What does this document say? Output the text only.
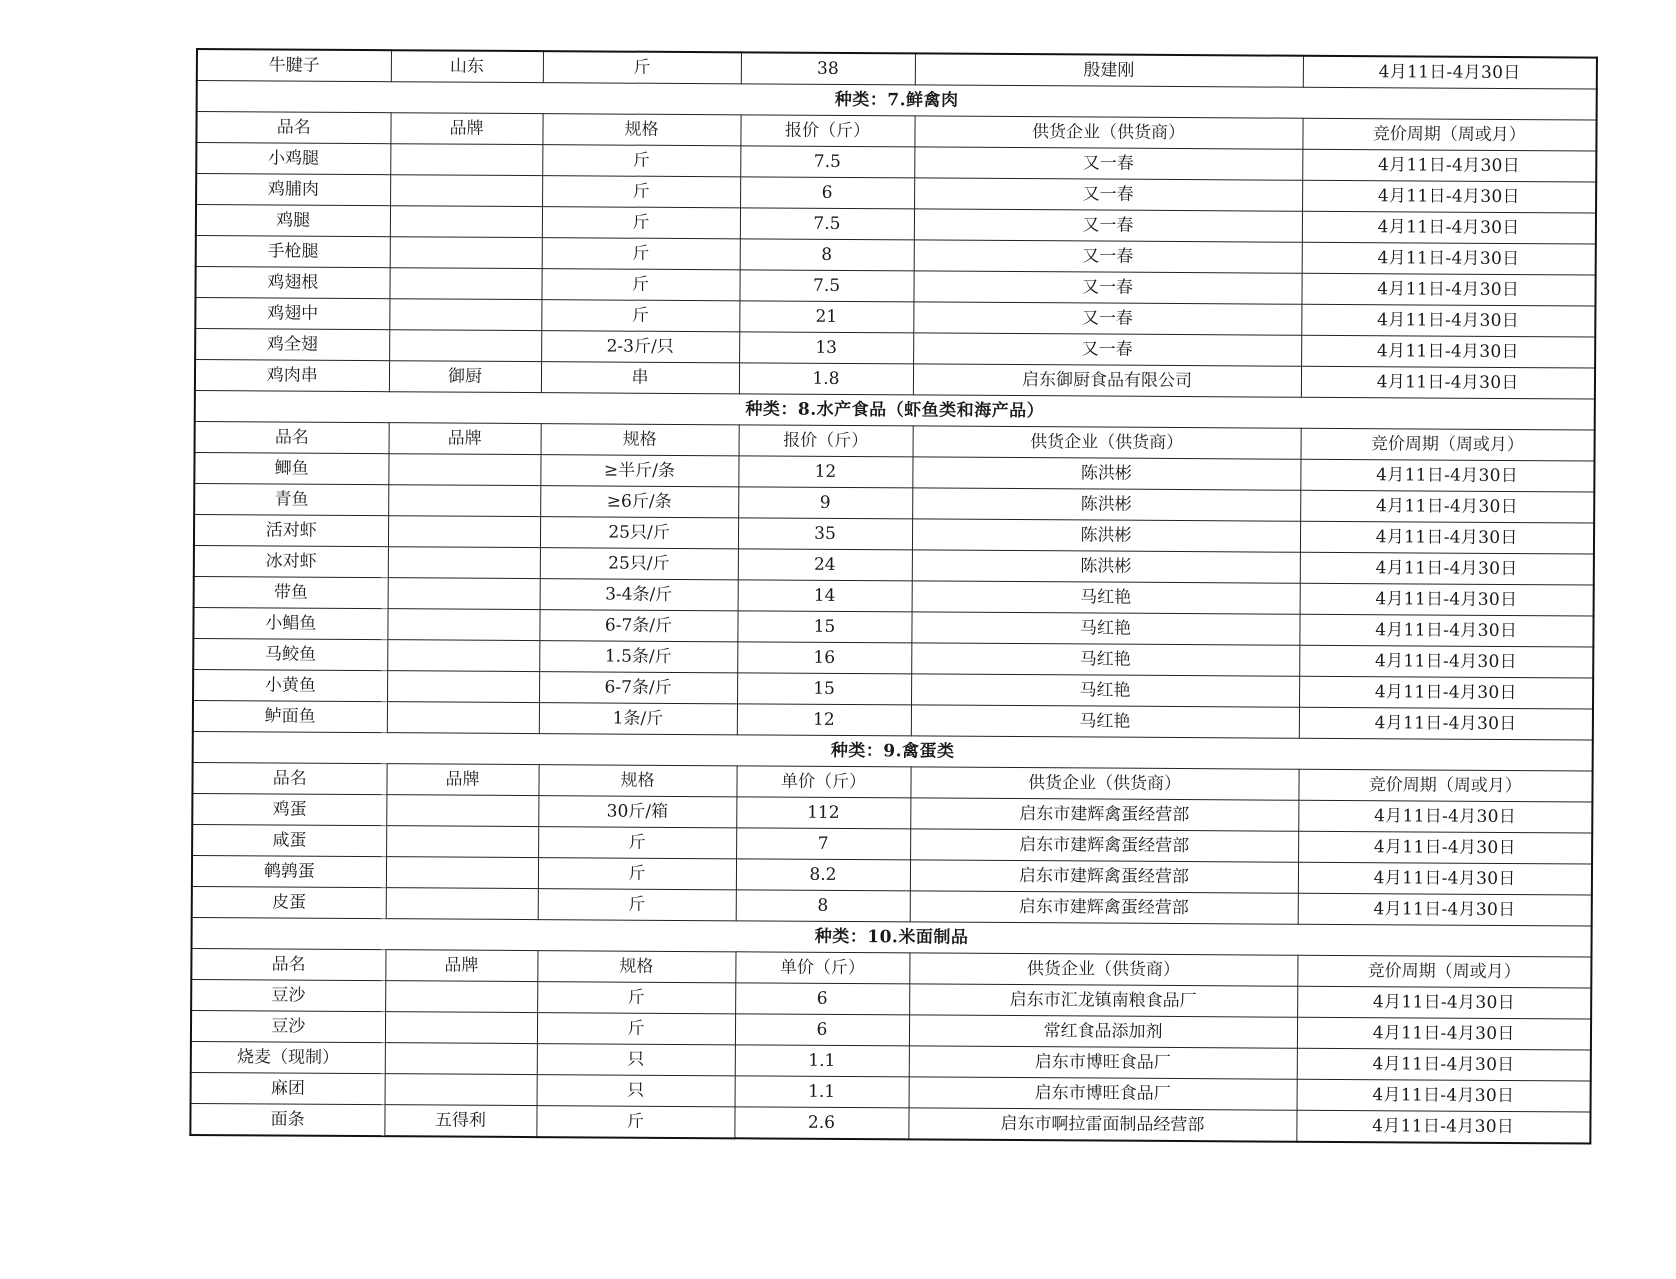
牛腱子	山东	斤	38	殷建刚	4月11日-4月30日
种类：7.鲜禽肉					
品名	品牌	规格	报价（斤）	供货企业（供货商）	竞价周期（周或月）
小鸡腿		斤	7.5	又一春	4月11日-4月30日
鸡脯肉		斤	6	又一春	4月11日-4月30日
鸡腿		斤	7.5	又一春	4月11日-4月30日
手枪腿		斤	8	又一春	4月11日-4月30日
鸡翅根		斤	7.5	又一春	4月11日-4月30日
鸡翅中		斤	21	又一春	4月11日-4月30日
鸡全翅		2-3斤/只	13	又一春	4月11日-4月30日
鸡肉串	御厨	串	1.8	启东御厨食品有限公司	4月11日-4月30日
种类：8.水产食品（虾鱼类和海产品）					
品名	品牌	规格	报价（斤）	供货企业（供货商）	竞价周期（周或月）
鲫鱼		≥半斤/条	12	陈洪彬	4月11日-4月30日
青鱼		≥6斤/条	9	陈洪彬	4月11日-4月30日
活对虾		25只/斤	35	陈洪彬	4月11日-4月30日
冰对虾		25只/斤	24	陈洪彬	4月11日-4月30日
带鱼		3-4条/斤	14	马红艳	4月11日-4月30日
小鲳鱼		6-7条/斤	15	马红艳	4月11日-4月30日
马鲛鱼		1.5条/斤	16	马红艳	4月11日-4月30日
小黄鱼		6-7条/斤	15	马红艳	4月11日-4月30日
鲈面鱼		1条/斤	12	马红艳	4月11日-4月30日
种类：9.禽蛋类					
品名	品牌	规格	单价（斤）	供货企业（供货商）	竞价周期（周或月）
鸡蛋		30斤/箱	112	启东市建辉禽蛋经营部	4月11日-4月30日
咸蛋		斤	7	启东市建辉禽蛋经营部	4月11日-4月30日
鹌鹑蛋		斤	8.2	启东市建辉禽蛋经营部	4月11日-4月30日
皮蛋		斤	8	启东市建辉禽蛋经营部	4月11日-4月30日
种类：10.米面制品					
品名	品牌	规格	单价（斤）	供货企业（供货商）	竞价周期（周或月）
豆沙		斤	6	启东市汇龙镇南粮食品厂	4月11日-4月30日
豆沙		斤	6	常红食品添加剂	4月11日-4月30日
烧麦（现制）		只	1.1	启东市博旺食品厂	4月11日-4月30日
麻团		只	1.1	启东市博旺食品厂	4月11日-4月30日
面条	五得利	斤	2.6	启东市啊拉雷面制品经营部	4月11日-4月30日
